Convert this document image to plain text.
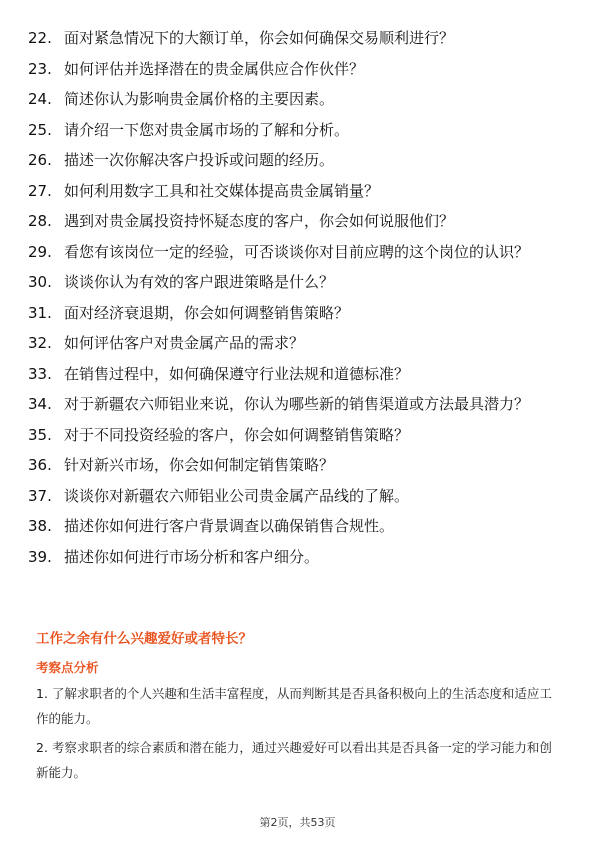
22. 面对紧急情况下的大额订单，你会如何确保交易顺利进行？
23. 如何评估并选择潜在的贵金属供应合作伙伴？
24. 简述你认为影响贵金属价格的主要因素。
25. 请介绍一下您对贵金属市场的了解和分析。
26. 描述一次你解决客户投诉或问题的经历。
27. 如何利用数字工具和社交媒体提高贵金属销量？
28. 遇到对贵金属投资持怀疑态度的客户，你会如何说服他们？
29. 看您有该岗位一定的经验，可否谈谈你对目前应聘的这个岗位的认识？
30. 谈谈你认为有效的客户跟进策略是什么？
31. 面对经济衰退期，你会如何调整销售策略？
32. 如何评估客户对贵金属产品的需求？
33. 在销售过程中，如何确保遵守行业法规和道德标准？
34. 对于新疆农六师铝业来说，你认为哪些新的销售渠道或方法最具潜力？
35. 对于不同投资经验的客户，你会如何调整销售策略？
36. 针对新兴市场，你会如何制定销售策略？
37. 谈谈你对新疆农六师铝业公司贵金属产品线的了解。
38. 描述你如何进行客户背景调查以确保销售合规性。
39. 描述你如何进行市场分析和客户细分。
工作之余有什么兴趣爱好或者特长？
考察点分析
1. 了解求职者的个人兴趣和生活丰富程度，从而判断其是否具备积极向上的生活态度和适应工作的能力。
2. 考察求职者的综合素质和潜在能力，通过兴趣爱好可以看出其是否具备一定的学习能力和创新能力。
第2页，共53页
